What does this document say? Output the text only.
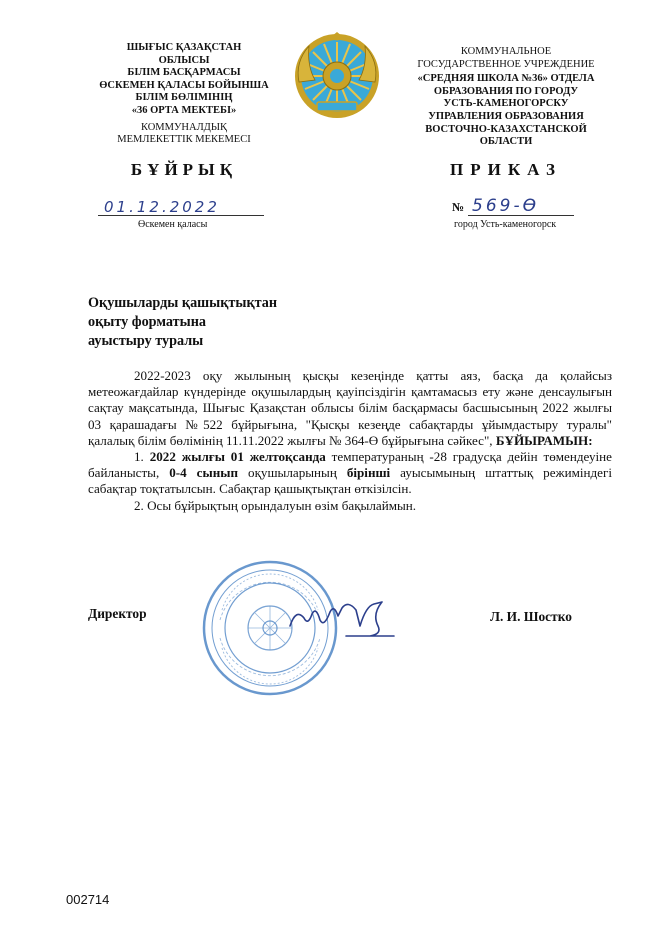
ШЫҒЫС ҚАЗАҚСТАН
ОБЛЫСЫ
БІЛІМ БАСҚАРМАСЫ
ӨСКЕМЕН ҚАЛАСЫ БОЙЫНША
БІЛІМ БӨЛІМІНІҢ
«36 ОРТА МЕКТЕБІ»
КОММУНАЛДЫҚ
МЕМЛЕКЕТТІК МЕКЕМЕСІ
БҰЙРЫҚ
01.12.2022
Өскемен қаласы
КОММУНАЛЬНОЕ
ГОСУДАРСТВЕННОЕ УЧРЕЖДЕНИЕ
«СРЕДНЯЯ ШКОЛА №36» ОТДЕЛА
ОБРАЗОВАНИЯ ПО ГОРОДУ
УСТЬ-КАМЕНОГОРСКУ
УПРАВЛЕНИЯ ОБРАЗОВАНИЯ
ВОСТОЧНО-КАЗАХСТАНСКОЙ
ОБЛАСТИ
ПРИКАЗ
№ 569-Ө
город Усть-каменогорск
Оқушыларды қашықтықтан
оқыту форматына
ауыстыру туралы

2022-2023 оқу жылының қысқы кезеңінде қатты аяз, басқа да қолайсыз метеожағдайлар күндерінде оқушылардың қауіпсіздігін қамтамасыз ету және денсаулығын сақтау мақсатында, Шығыс Қазақстан облысы білім басқармасы басшысының 2022 жылғы 03 қарашадағы №522 бұйрығына, "Қысқы кезеңде сабақтарды ұйымдастыру туралы" қалалық білім бөлімінің 11.11.2022 жылғы № 364-Ө бұйрығына сәйкес", БҰЙЫРАМЫН:

1. 2022 жылғы 01 желтоқсанда температураның -28 градусқа дейін төмендеуіне байланысты, 0-4 сынып оқушыларының бірінші ауысымының штаттық режиміндегі сабақтар тоқтатылсын. Сабақтар қашықтықтан өткізілсін.

2. Осы бұйрықтың орындалуын өзім бақылаймын.

Директор	Л. И. Шостко
002714
